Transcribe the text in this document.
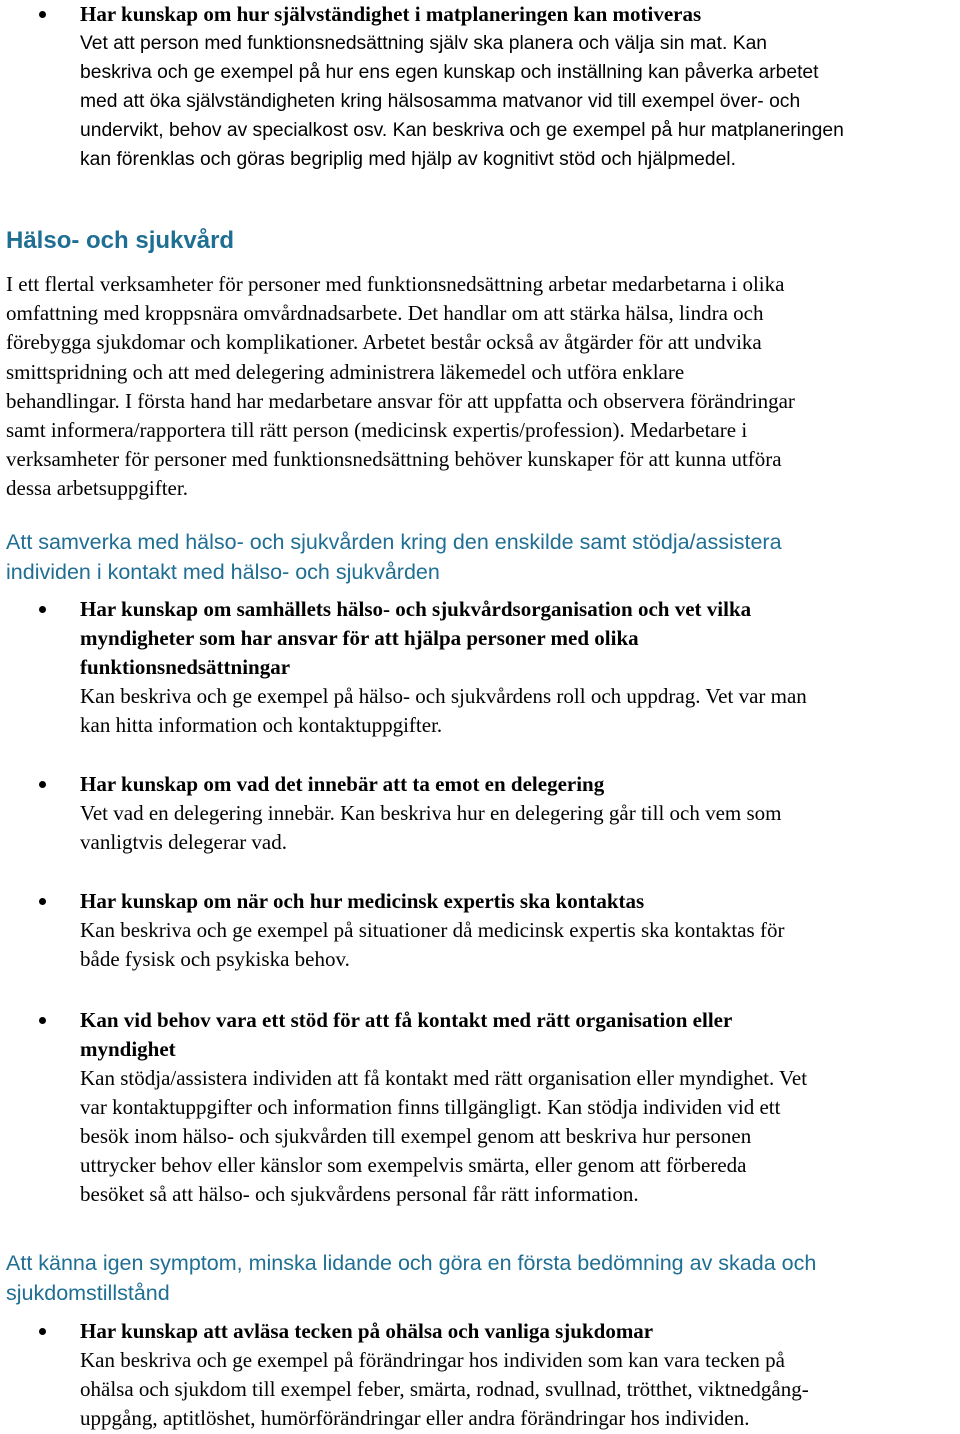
Har kunskap om hur självständighet i matplaneringen kan motiveras
Vet att person med funktionsnedsättning själv ska planera och välja sin mat. Kan
beskriva och ge exempel på hur ens egen kunskap och inställning kan påverka arbetet
med att öka självständigheten kring hälsosamma matvanor vid till exempel över- och
undervikt, behov av specialkost osv. Kan beskriva och ge exempel på hur matplaneringen
kan förenklas och göras begriplig med hjälp av kognitivt stöd och hjälpmedel.
Hälso- och sjukvård
I ett flertal verksamheter för personer med funktionsnedsättning arbetar medarbetarna i olika
omfattning med kroppsnära omvårdnadsarbete. Det handlar om att stärka hälsa, lindra och
förebygga sjukdomar och komplikationer. Arbetet består också av åtgärder för att undvika
smittspridning och att med delegering administrera läkemedel och utföra enklare
behandlingar. I första hand har medarbetare ansvar för att uppfatta och observera förändringar
samt informera/rapportera till rätt person (medicinsk expertis/profession). Medarbetare i
verksamheter för personer med funktionsnedsättning behöver kunskaper för att kunna utföra
dessa arbetsuppgifter.
Att samverka med hälso- och sjukvården kring den enskilde samt stödja/assistera
individen i kontakt med hälso- och sjukvården
Har kunskap om samhällets hälso- och sjukvårdsorganisation och vet vilka
myndigheter som har ansvar för att hjälpa personer med olika
funktionsnedsättningar
Kan beskriva och ge exempel på hälso- och sjukvårdens roll och uppdrag. Vet var man
kan hitta information och kontaktuppgifter.
Har kunskap om vad det innebär att ta emot en delegering
Vet vad en delegering innebär. Kan beskriva hur en delegering går till och vem som
vanligtvis delegerar vad.
Har kunskap om när och hur medicinsk expertis ska kontaktas
Kan beskriva och ge exempel på situationer då medicinsk expertis ska kontaktas för
både fysisk och psykiska behov.
Kan vid behov vara ett stöd för att få kontakt med rätt organisation eller
myndighet
Kan stödja/assistera individen att få kontakt med rätt organisation eller myndighet. Vet
var kontaktuppgifter och information finns tillgängligt. Kan stödja individen vid ett
besök inom hälso- och sjukvården till exempel genom att beskriva hur personen
uttrycker behov eller känslor som exempelvis smärta, eller genom att förbereda
besöket så att hälso- och sjukvårdens personal får rätt information.
Att känna igen symptom, minska lidande och göra en första bedömning av skada och
sjukdomstillstånd
Har kunskap att avläsa tecken på ohälsa och vanliga sjukdomar
Kan beskriva och ge exempel på förändringar hos individen som kan vara tecken på
ohälsa och sjukdom till exempel feber, smärta, rodnad, svullnad, trötthet, viktnedgång-
uppgång, aptitlöshet, humörförändringar eller andra förändringar hos individen.
